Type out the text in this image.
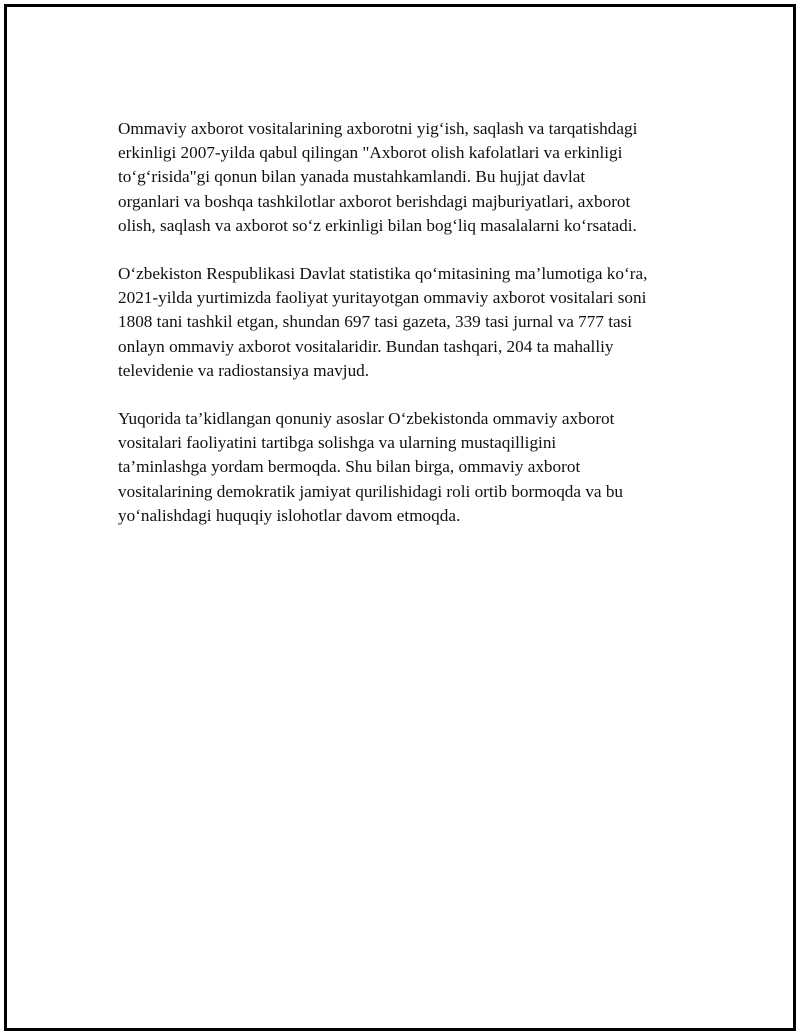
Ommaviy axborot vositalarining axborotni yig‘ish, saqlash va tarqatishdagi
erkinligi 2007-yilda qabul qilingan "Axborot olish kafolatlari va erkinligi
to‘g‘risida"gi qonun bilan yanada mustahkamlandi. Bu hujjat davlat
organlari va boshqa tashkilotlar axborot berishdagi majburiyatlari, axborot
olish, saqlash va axborot so‘z erkinligi bilan bog‘liq masalalarni ko‘rsatadi.

O‘zbekiston Respublikasi Davlat statistika qo‘mitasining ma’lumotiga ko‘ra,
2021-yilda yurtimizda faoliyat yuritayotgan ommaviy axborot vositalari soni
1808 tani tashkil etgan, shundan 697 tasi gazeta, 339 tasi jurnal va 777 tasi
onlayn ommaviy axborot vositalaridir. Bundan tashqari, 204 ta mahalliy
televidenie va radiostansiya mavjud.

Yuqorida ta’kidlangan qonuniy asoslar O‘zbekistonda ommaviy axborot
vositalari faoliyatini tartibga solishga va ularning mustaqilligini
ta’minlashga yordam bermoqda. Shu bilan birga, ommaviy axborot
vositalarining demokratik jamiyat qurilishidagi roli ortib bormoqda va bu
yo‘nalishdagi huquqiy islohotlar davom etmoqda.
